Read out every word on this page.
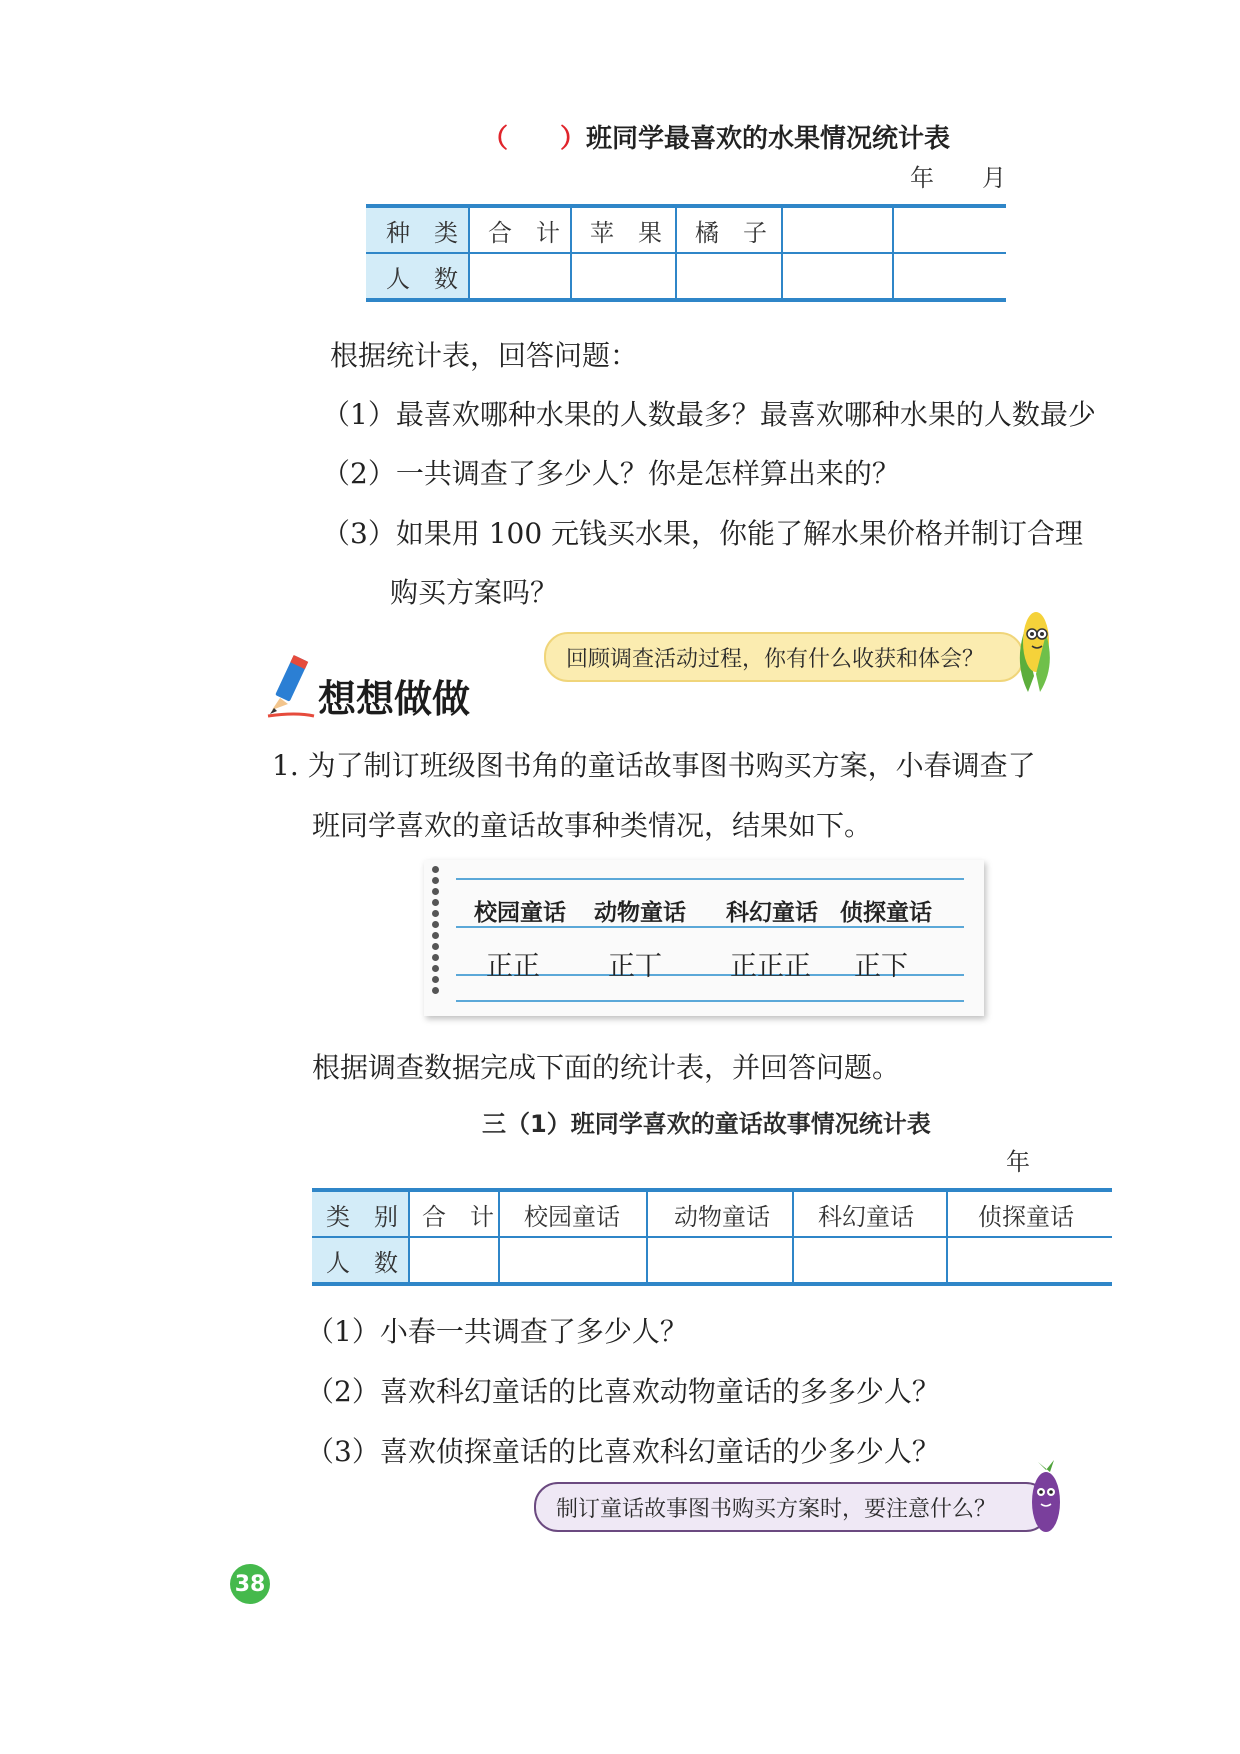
（　　）班同学最喜欢的水果情况统计表
年　　月
种　类	合　计	苹　果	橘　子		
人　数					
根据统计表，回答问题：
（1）最喜欢哪种水果的人数最多？最喜欢哪种水果的人数最少
（2）一共调查了多少人？你是怎样算出来的？
（3）如果用 100 元钱买水果，你能了解水果价格并制订合理
购买方案吗？
回顾调查活动过程，你有什么收获和体会？
想想做做
1. 为了制订班级图书角的童话故事图书购买方案，小春调查了
班同学喜欢的童话故事种类情况，结果如下。
校园童话 动物童话 科幻童话 侦探童话
正正	正丅	正正正 正下
根据调查数据完成下面的统计表，并回答问题。
三（1）班同学喜欢的童话故事情况统计表
年
类　别	合　计	校园童话	动物童话	科幻童话	侦探童话
人　数					
（1）小春一共调查了多少人？
（2）喜欢科幻童话的比喜欢动物童话的多多少人？
（3）喜欢侦探童话的比喜欢科幻童话的少多少人？
制订童话故事图书购买方案时，要注意什么？
38
